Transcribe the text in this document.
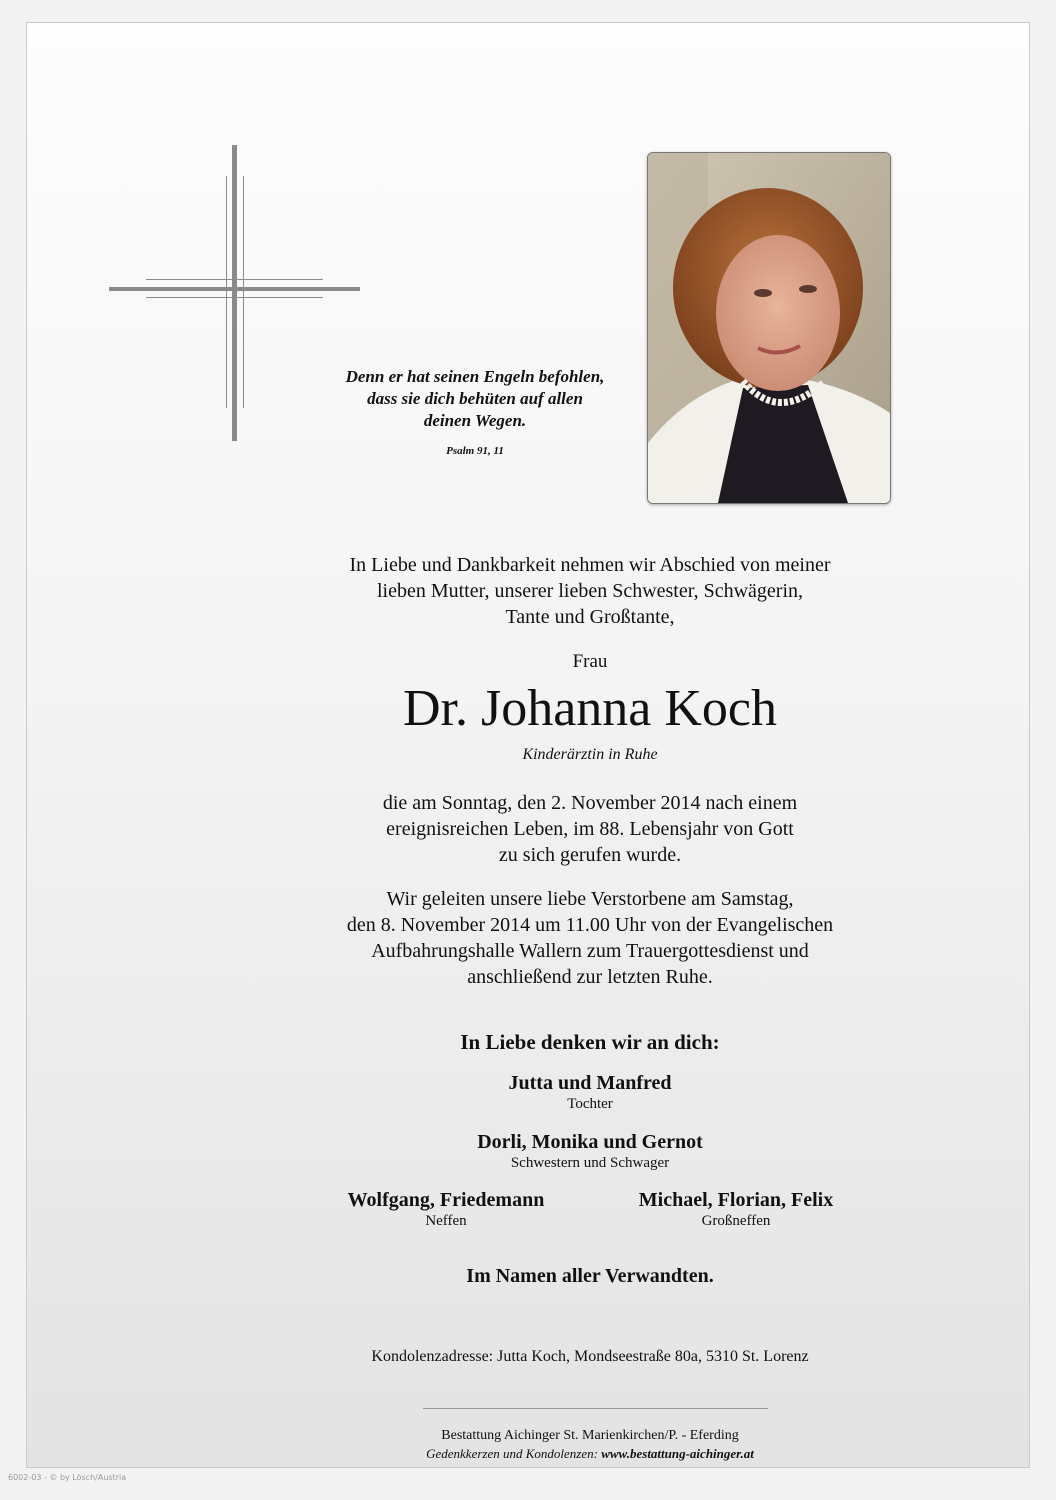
Denn er hat seinen Engeln befohlen,
dass sie dich behüten auf allen
deinen Wegen.
Psalm 91, 11
In Liebe und Dankbarkeit nehmen wir Abschied von meiner
lieben Mutter, unserer lieben Schwester, Schwägerin,
Tante und Großtante,
Frau
Dr. Johanna Koch
Kinderärztin in Ruhe
die am Sonntag, den 2. November 2014 nach einem
ereignisreichen Leben, im 88. Lebensjahr von Gott
zu sich gerufen wurde.
Wir geleiten unsere liebe Verstorbene am Samstag,
den 8. November 2014 um 11.00 Uhr von der Evangelischen
Aufbahrungshalle Wallern zum Trauergottesdienst und
anschließend zur letzten Ruhe.
In Liebe denken wir an dich:
Jutta und Manfred
Tochter
Dorli, Monika und Gernot
Schwestern und Schwager
Wolfgang, Friedemann
Neffen
Michael, Florian, Felix
Großneffen
Im Namen aller Verwandten.
Kondolenzadresse: Jutta Koch, Mondseestraße 80a, 5310 St. Lorenz
Bestattung Aichinger St. Marienkirchen/P. - Eferding
Gedenkkerzen und Kondolenzen: www.bestattung-aichinger.at
6002-03 - © by Lösch/Austria
